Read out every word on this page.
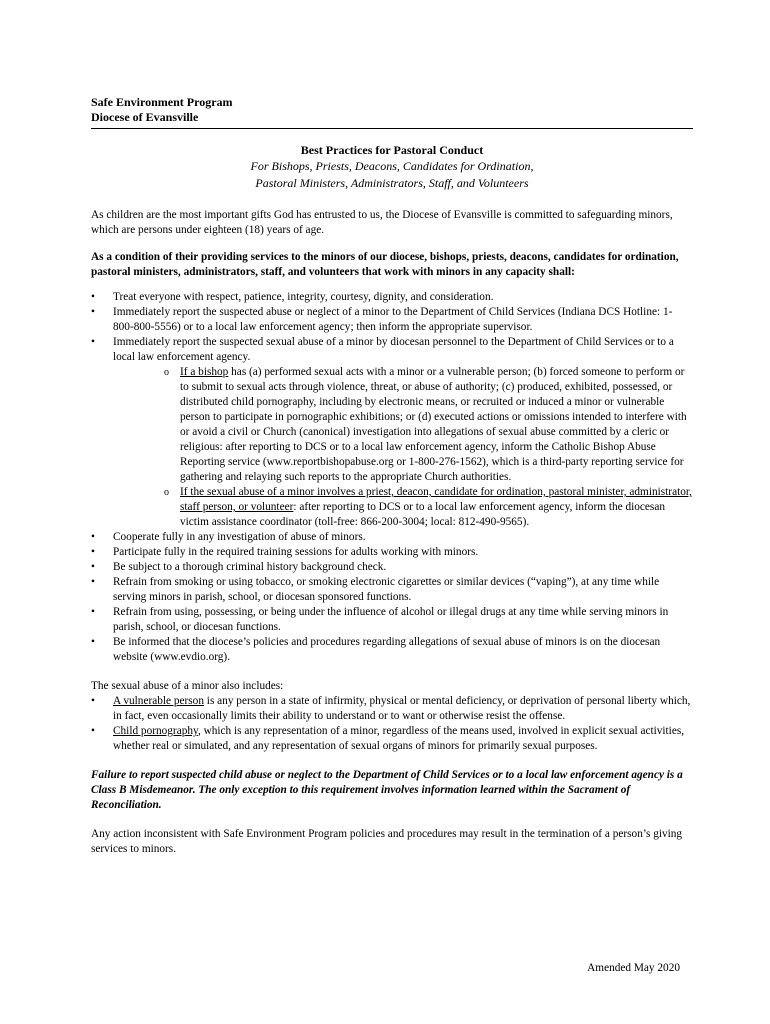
Safe Environment Program
Diocese of Evansville
Best Practices for Pastoral Conduct
For Bishops, Priests, Deacons, Candidates for Ordination,
Pastoral Ministers, Administrators, Staff, and Volunteers

As children are the most important gifts God has entrusted to us, the Diocese of Evansville is committed to safeguarding minors, which are persons under eighteen (18) years of age.

As a condition of their providing services to the minors of our diocese, bishops, priests, deacons, candidates for ordination, pastoral ministers, administrators, staff, and volunteers that work with minors in any capacity shall:

• Treat everyone with respect, patience, integrity, courtesy, dignity, and consideration.
• Immediately report the suspected abuse or neglect of a minor to the Department of Child Services (Indiana DCS Hotline: 1-800-800-5556) or to a local law enforcement agency; then inform the appropriate supervisor.
• Immediately report the suspected sexual abuse of a minor by diocesan personnel to the Department of Child Services or to a local law enforcement agency.
o If a bishop has (a) performed sexual acts with a minor or a vulnerable person; (b) forced someone to perform or to submit to sexual acts through violence, threat, or abuse of authority; (c) produced, exhibited, possessed, or distributed child pornography, including by electronic means, or recruited or induced a minor or vulnerable person to participate in pornographic exhibitions; or (d) executed actions or omissions intended to interfere with or avoid a civil or Church (canonical) investigation into allegations of sexual abuse committed by a cleric or religious: after reporting to DCS or to a local law enforcement agency, inform the Catholic Bishop Abuse Reporting service (www.reportbishopabuse.org or 1-800-276-1562), which is a third-party reporting service for gathering and relaying such reports to the appropriate Church authorities.
o If the sexual abuse of a minor involves a priest, deacon, candidate for ordination, pastoral minister, administrator, staff person, or volunteer: after reporting to DCS or to a local law enforcement agency, inform the diocesan victim assistance coordinator (toll-free: 866-200-3004; local: 812-490-9565).
• Cooperate fully in any investigation of abuse of minors.
• Participate fully in the required training sessions for adults working with minors.
• Be subject to a thorough criminal history background check.
• Refrain from smoking or using tobacco, or smoking electronic cigarettes or similar devices (“vaping”), at any time while serving minors in parish, school, or diocesan sponsored functions.
• Refrain from using, possessing, or being under the influence of alcohol or illegal drugs at any time while serving minors in parish, school, or diocesan functions.
• Be informed that the diocese’s policies and procedures regarding allegations of sexual abuse of minors is on the diocesan website (www.evdio.org).

The sexual abuse of a minor also includes:

• A vulnerable person is any person in a state of infirmity, physical or mental deficiency, or deprivation of personal liberty which, in fact, even occasionally limits their ability to understand or to want or otherwise resist the offense.
• Child pornography, which is any representation of a minor, regardless of the means used, involved in explicit sexual activities, whether real or simulated, and any representation of sexual organs of minors for primarily sexual purposes.

Failure to report suspected child abuse or neglect to the Department of Child Services or to a local law enforcement agency is a Class B Misdemeanor. The only exception to this requirement involves information learned within the Sacrament of Reconciliation.

Any action inconsistent with Safe Environment Program policies and procedures may result in the termination of a person’s giving services to minors.

Amended May 2020
